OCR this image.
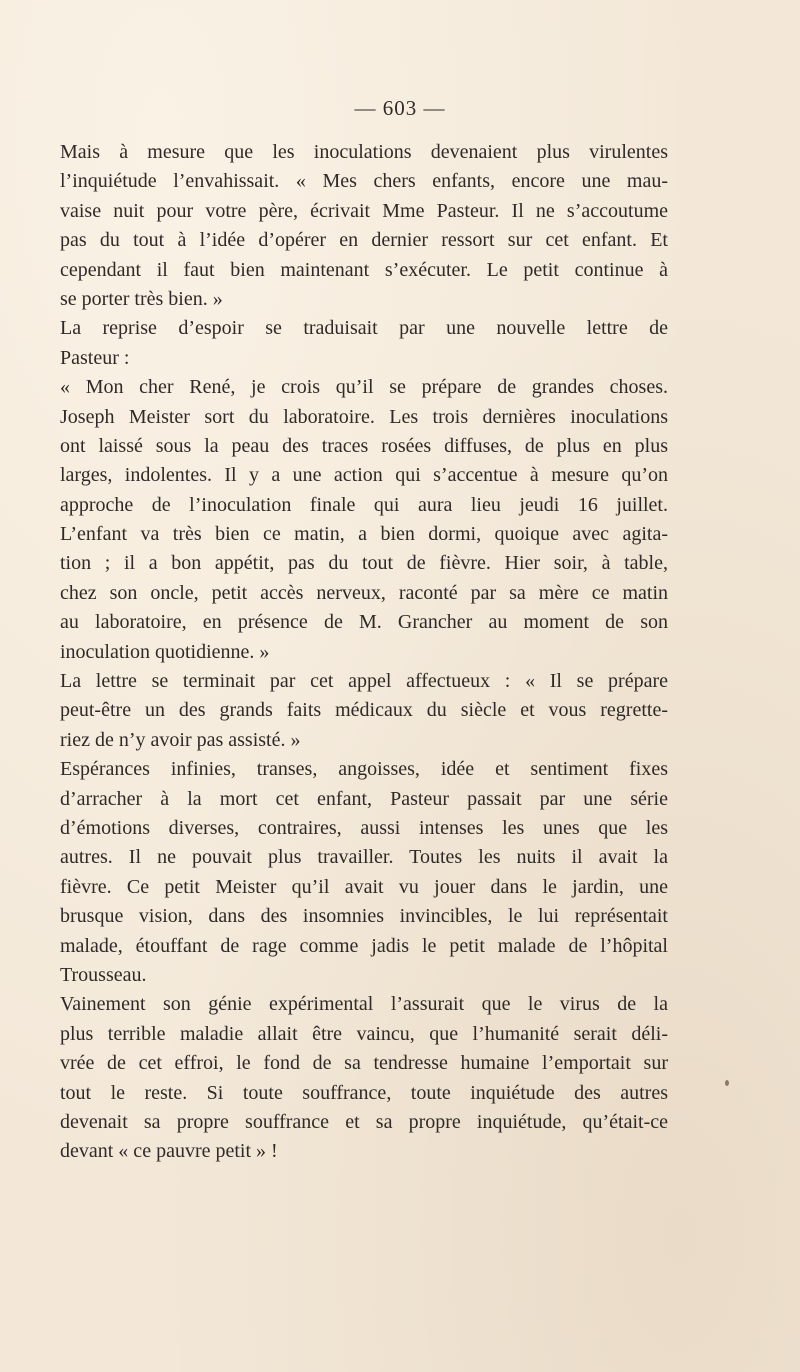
— 603 —
Mais à mesure que les inoculations devenaient plus virulentes
l’inquiétude l’envahissait. « Mes chers enfants, encore une mau-
vaise nuit pour votre père, écrivait Mme Pasteur. Il ne s’accoutume
pas du tout à l’idée d’opérer en dernier ressort sur cet enfant. Et
cependant il faut bien maintenant s’exécuter. Le petit continue à
se porter très bien. »
La reprise d’espoir se traduisait par une nouvelle lettre de
Pasteur :
« Mon cher René, je crois qu’il se prépare de grandes choses.
Joseph Meister sort du laboratoire. Les trois dernières inoculations
ont laissé sous la peau des traces rosées diffuses, de plus en plus
larges, indolentes. Il y a une action qui s’accentue à mesure qu’on
approche de l’inoculation finale qui aura lieu jeudi 16 juillet.
L’enfant va très bien ce matin, a bien dormi, quoique avec agita-
tion ; il a bon appétit, pas du tout de fièvre. Hier soir, à table,
chez son oncle, petit accès nerveux, raconté par sa mère ce matin
au laboratoire, en présence de M. Grancher au moment de son
inoculation quotidienne. »
La lettre se terminait par cet appel affectueux : « Il se prépare
peut-être un des grands faits médicaux du siècle et vous regrette-
riez de n’y avoir pas assisté. »
Espérances infinies, transes, angoisses, idée et sentiment fixes
d’arracher à la mort cet enfant, Pasteur passait par une série
d’émotions diverses, contraires, aussi intenses les unes que les
autres. Il ne pouvait plus travailler. Toutes les nuits il avait la
fièvre. Ce petit Meister qu’il avait vu jouer dans le jardin, une
brusque vision, dans des insomnies invincibles, le lui représentait
malade, étouffant de rage comme jadis le petit malade de l’hôpital
Trousseau.
Vainement son génie expérimental l’assurait que le virus de la
plus terrible maladie allait être vaincu, que l’humanité serait déli-
vrée de cet effroi, le fond de sa tendresse humaine l’emportait sur
tout le reste. Si toute souffrance, toute inquiétude des autres
devenait sa propre souffrance et sa propre inquiétude, qu’était-ce
devant « ce pauvre petit » !
